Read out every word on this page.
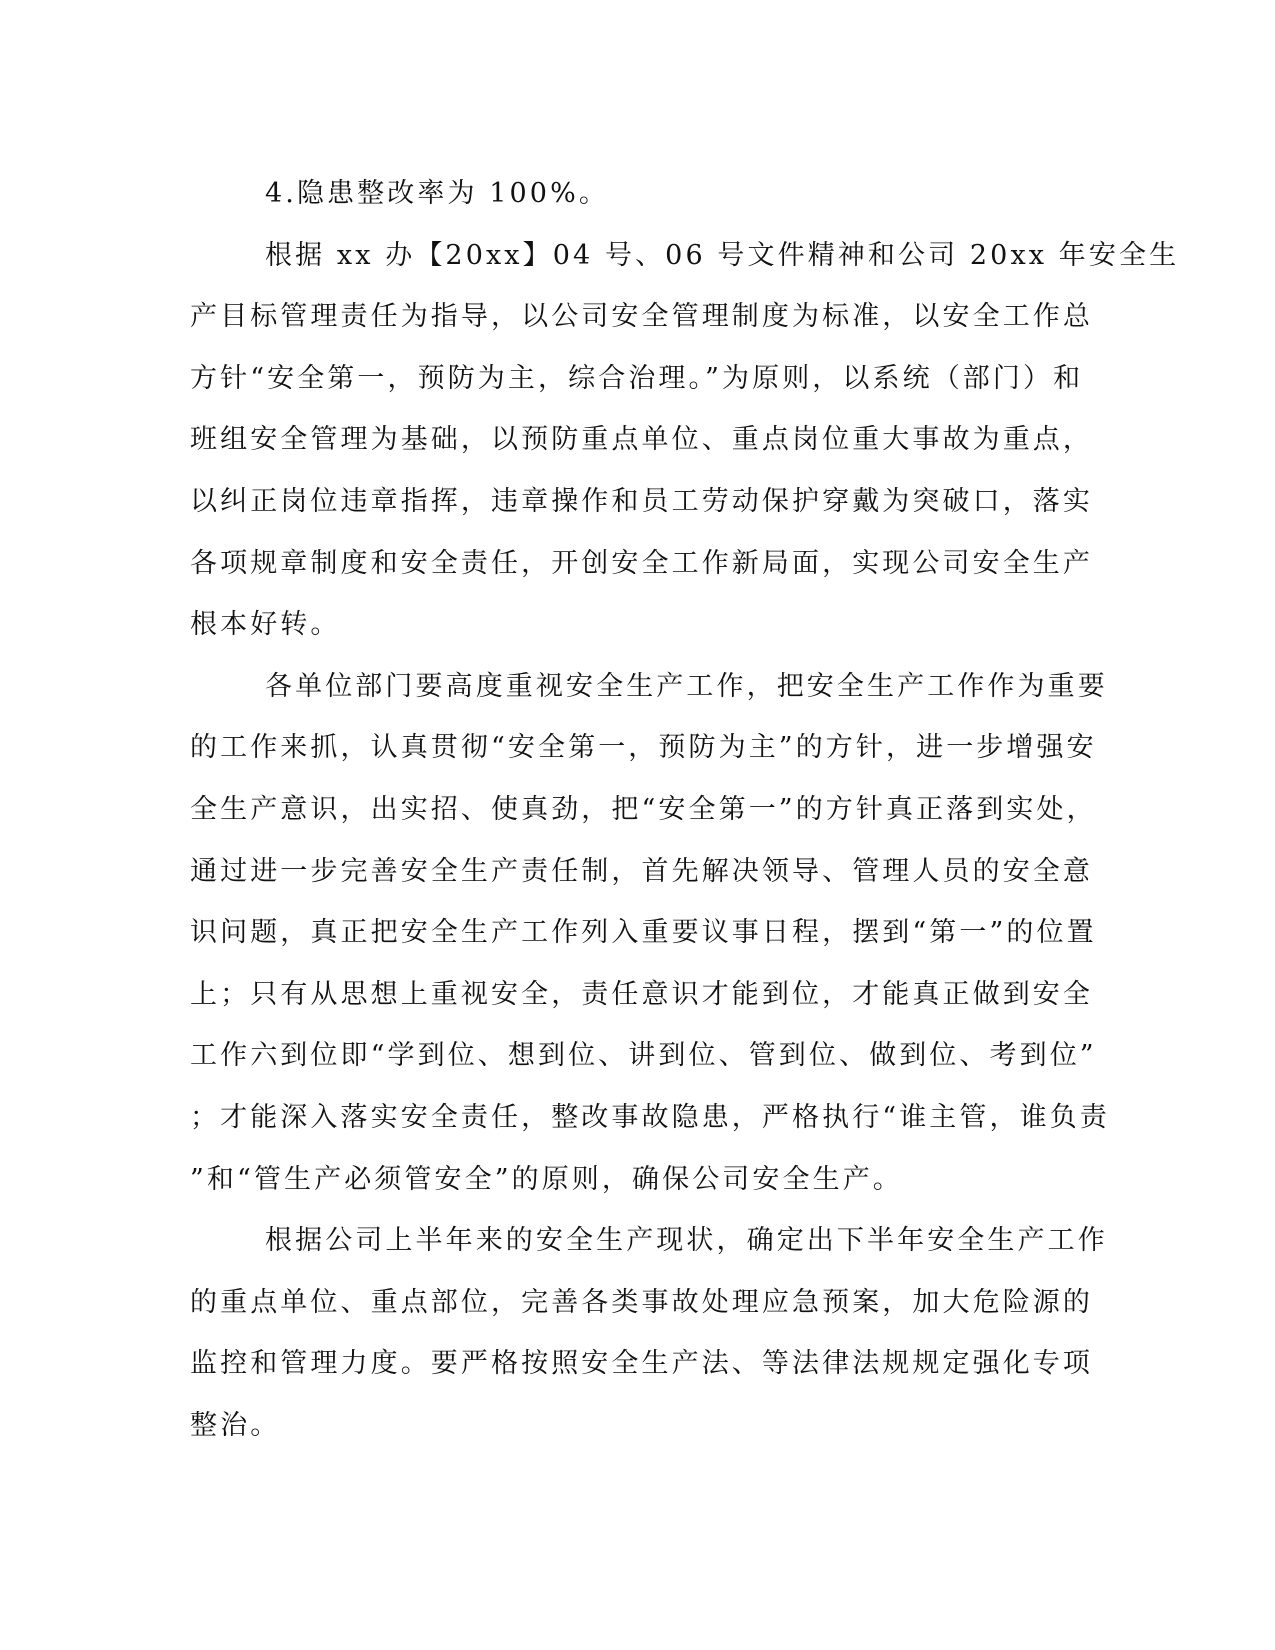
4.隐患整改率为 100%。
根据 xx 办【20xx】04 号、06 号文件精神和公司 20xx 年安全生
产目标管理责任为指导，以公司安全管理制度为标准，以安全工作总
方针“安全第一，预防为主，综合治理。”为原则，以系统（部门）和
班组安全管理为基础，以预防重点单位、重点岗位重大事故为重点，
以纠正岗位违章指挥，违章操作和员工劳动保护穿戴为突破口，落实
各项规章制度和安全责任，开创安全工作新局面，实现公司安全生产
根本好转。
各单位部门要高度重视安全生产工作，把安全生产工作作为重要
的工作来抓，认真贯彻“安全第一，预防为主”的方针，进一步增强安
全生产意识，出实招、使真劲，把“安全第一”的方针真正落到实处，
通过进一步完善安全生产责任制，首先解决领导、管理人员的安全意
识问题，真正把安全生产工作列入重要议事日程，摆到“第一”的位置
上；只有从思想上重视安全，责任意识才能到位，才能真正做到安全
工作六到位即“学到位、想到位、讲到位、管到位、做到位、考到位”
；才能深入落实安全责任，整改事故隐患，严格执行“谁主管，谁负责
”和“管生产必须管安全”的原则，确保公司安全生产。
根据公司上半年来的安全生产现状，确定出下半年安全生产工作
的重点单位、重点部位，完善各类事故处理应急预案，加大危险源的
监控和管理力度。要严格按照安全生产法、等法律法规规定强化专项
整治。
